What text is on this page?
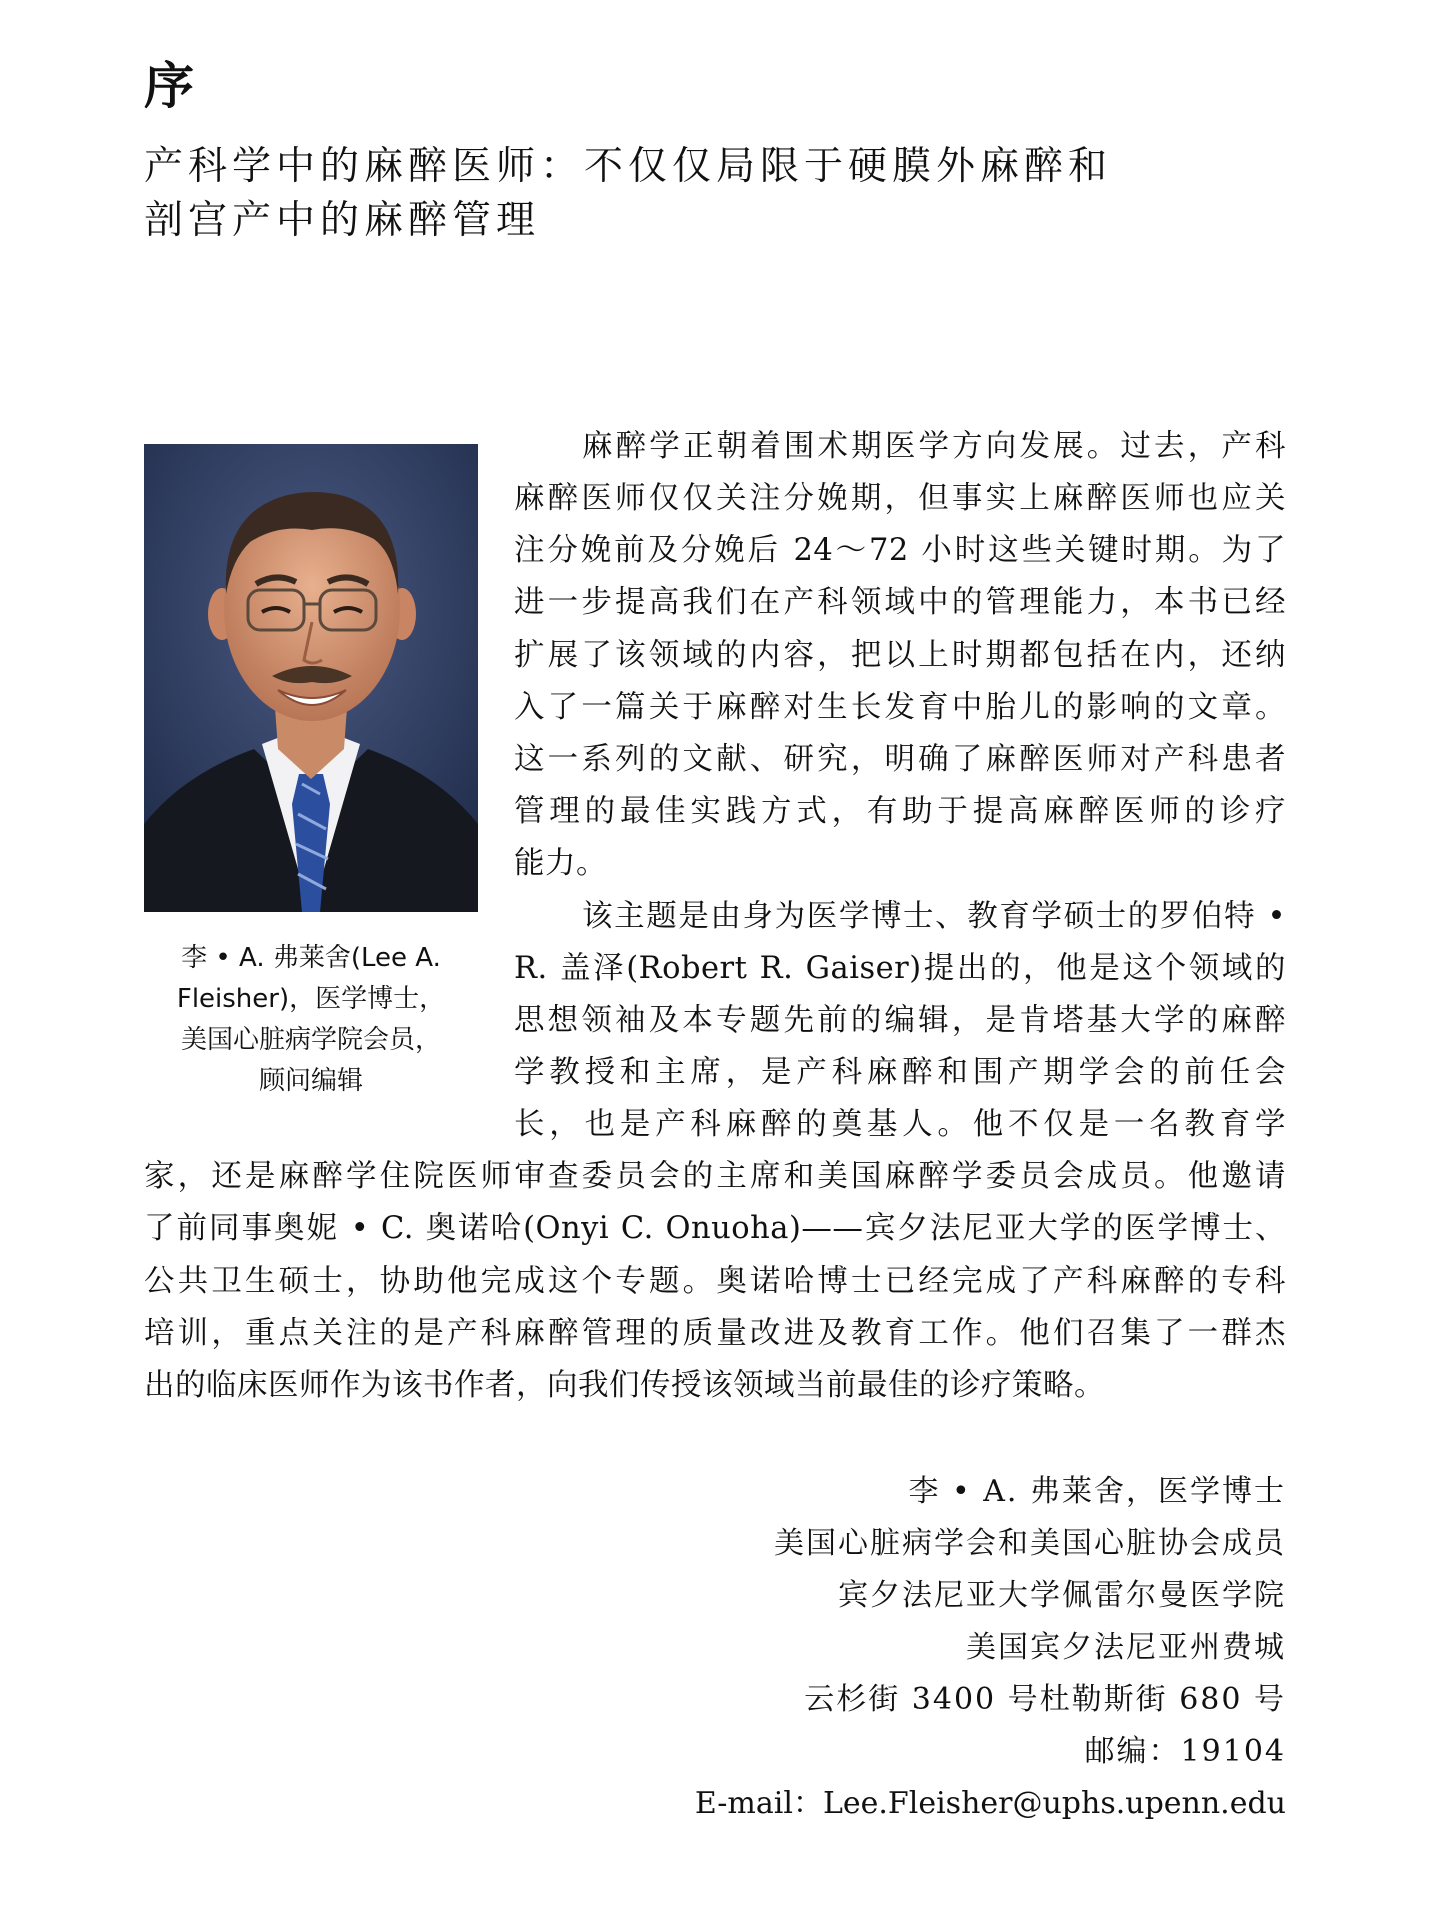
序
产科学中的麻醉医师：不仅仅局限于硬膜外麻醉和
剖宫产中的麻醉管理
李 • A. 弗莱舍(Lee A.
Fleisher)，医学博士，
美国心脏病学院会员，
顾问编辑
麻醉学正朝着围术期医学方向发展。过去，产科
麻醉医师仅仅关注分娩期，但事实上麻醉医师也应关
注分娩前及分娩后 24～72 小时这些关键时期。为了
进一步提高我们在产科领域中的管理能力，本书已经
扩展了该领域的内容，把以上时期都包括在内，还纳
入了一篇关于麻醉对生长发育中胎儿的影响的文章。
这一系列的文献、研究，明确了麻醉医师对产科患者
管理的最佳实践方式，有助于提高麻醉医师的诊疗
能力。
该主题是由身为医学博士、教育学硕士的罗伯特 •
R. 盖泽(Robert R. Gaiser)提出的，他是这个领域的
思想领袖及本专题先前的编辑，是肯塔基大学的麻醉
学教授和主席，是产科麻醉和围产期学会的前任会
长，也是产科麻醉的奠基人。他不仅是一名教育学
家，还是麻醉学住院医师审查委员会的主席和美国麻醉学委员会成员。他邀请
了前同事奥妮 • C. 奥诺哈(Onyi C. Onuoha)——宾夕法尼亚大学的医学博士、
公共卫生硕士，协助他完成这个专题。奥诺哈博士已经完成了产科麻醉的专科
培训，重点关注的是产科麻醉管理的质量改进及教育工作。他们召集了一群杰
出的临床医师作为该书作者，向我们传授该领域当前最佳的诊疗策略。
李 • A. 弗莱舍，医学博士
美国心脏病学会和美国心脏协会成员
宾夕法尼亚大学佩雷尔曼医学院
美国宾夕法尼亚州费城
云杉街 3400 号杜勒斯街 680 号
邮编：19104
E-mail：Lee.Fleisher@uphs.upenn.edu
